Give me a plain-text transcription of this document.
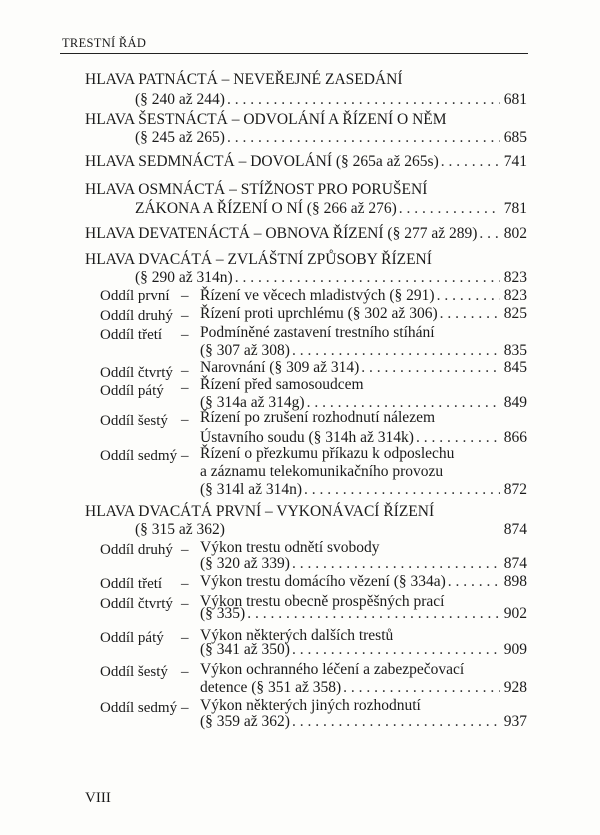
TRESTNÍ ŘÁD
HLAVA PATNÁCTÁ – NEVEŘEJNÉ ZASEDÁNÍ
(§ 240 až 244) . . .	681
HLAVA ŠESTNÁCTÁ – ODVOLÁNÍ A ŘÍZENÍ O NĚM
(§ 245 až 265) . . .	685
HLAVA SEDMNÁCTÁ – DOVOLÁNÍ (§ 265a až 265s) . . .	741
HLAVA OSMNÁCTÁ – STÍŽNOST PRO PORUŠENÍ
ZÁKONA A ŘÍZENÍ O NÍ (§ 266 až 276) . . .	781
HLAVA DEVATENÁCTÁ – OBNOVA ŘÍZENÍ (§ 277 až 289) . . . 802
HLAVA DVACÁTÁ – ZVLÁŠTNÍ ZPŮSOBY ŘÍZENÍ
(§ 290 až 314n) . . .	823
Oddíl první – Řízení ve věcech mladistvých (§ 291) . . .	823
Oddíl druhý – Řízení proti uprchlému (§ 302 až 306) . . .	825
Oddíl třetí – Podmíněné zastavení trestního stíhání
(§ 307 až 308) . . .	835
Oddíl čtvrtý – Narovnání (§ 309 až 314) . . .	845
Oddíl pátý – Řízení před samosoudcem
(§ 314a až 314g) . . .	849
Oddíl šestý – Řízení po zrušení rozhodnutí nálezem
Ústavního soudu (§ 314h až 314k) . . .	866
Oddíl sedmý – Řízení o přezkumu příkazu k odposlechu
a záznamu telekomunikačního provozu
(§ 314l až 314n) . . .	872
HLAVA DVACÁTÁ PRVNÍ – VYKONÁVACÍ ŘÍZENÍ
(§ 315 až 362)	874
Oddíl druhý – Výkon trestu odnětí svobody
(§ 320 až 339) . . .	874
Oddíl třetí – Výkon trestu domácího vězení (§ 334a) . . .	898
Oddíl čtvrtý – Výkon trestu obecně prospěšných prací
(§ 335) . . .	902
Oddíl pátý – Výkon některých dalších trestů
(§ 341 až 350) . . .	909
Oddíl šestý – Výkon ochranného léčení a zabezpečovací
detence (§ 351 až 358) . . .	928
Oddíl sedmý – Výkon některých jiných rozhodnutí
(§ 359 až 362) . . .	937
VIII
